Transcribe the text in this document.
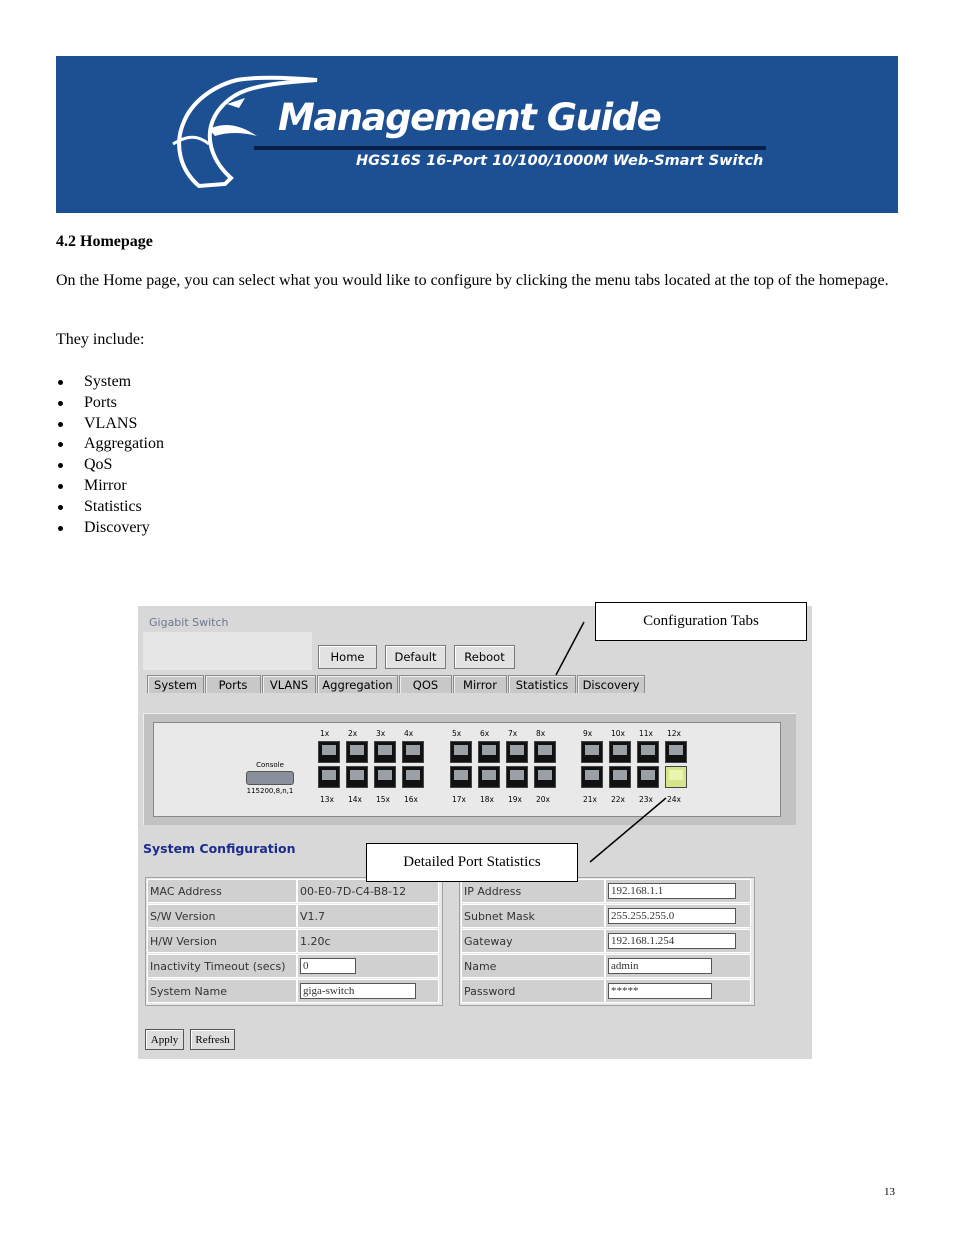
Management Guide
HGS16S 16-Port 10/100/1000M Web-Smart Switch
4.2 Homepage

On the Home page, you can select what you would like to configure by clicking the menu tabs located at the top of the homepage.

They include:
System
Ports
VLANS
Aggregation
QoS
Mirror
Statistics
Discovery
Gigabit Switch
Home	Default	Reboot
System	Ports	VLANS	Aggregation	QOS	Mirror	Statistics	Discovery
Console
115200,8,n,1
1x
13x
2x
14x
3x
15x
4x
16x
5x
17x
6x
18x
7x
19x
8x
20x
9x
21x
10x
22x
11x
23x
12x
24x
System Configuration
MAC Address	00-E0-7D-C4-B8-12
S/W Version	V1.7
H/W Version	1.20c
Inactivity Timeout (secs)	0
System Name	giga-switch
IP Address	192.168.1.1
Subnet Mask	255.255.255.0
Gateway	192.168.1.254
Name	admin
Password	*****
Apply	Refresh
Configuration Tabs
Detailed Port Statistics
13
